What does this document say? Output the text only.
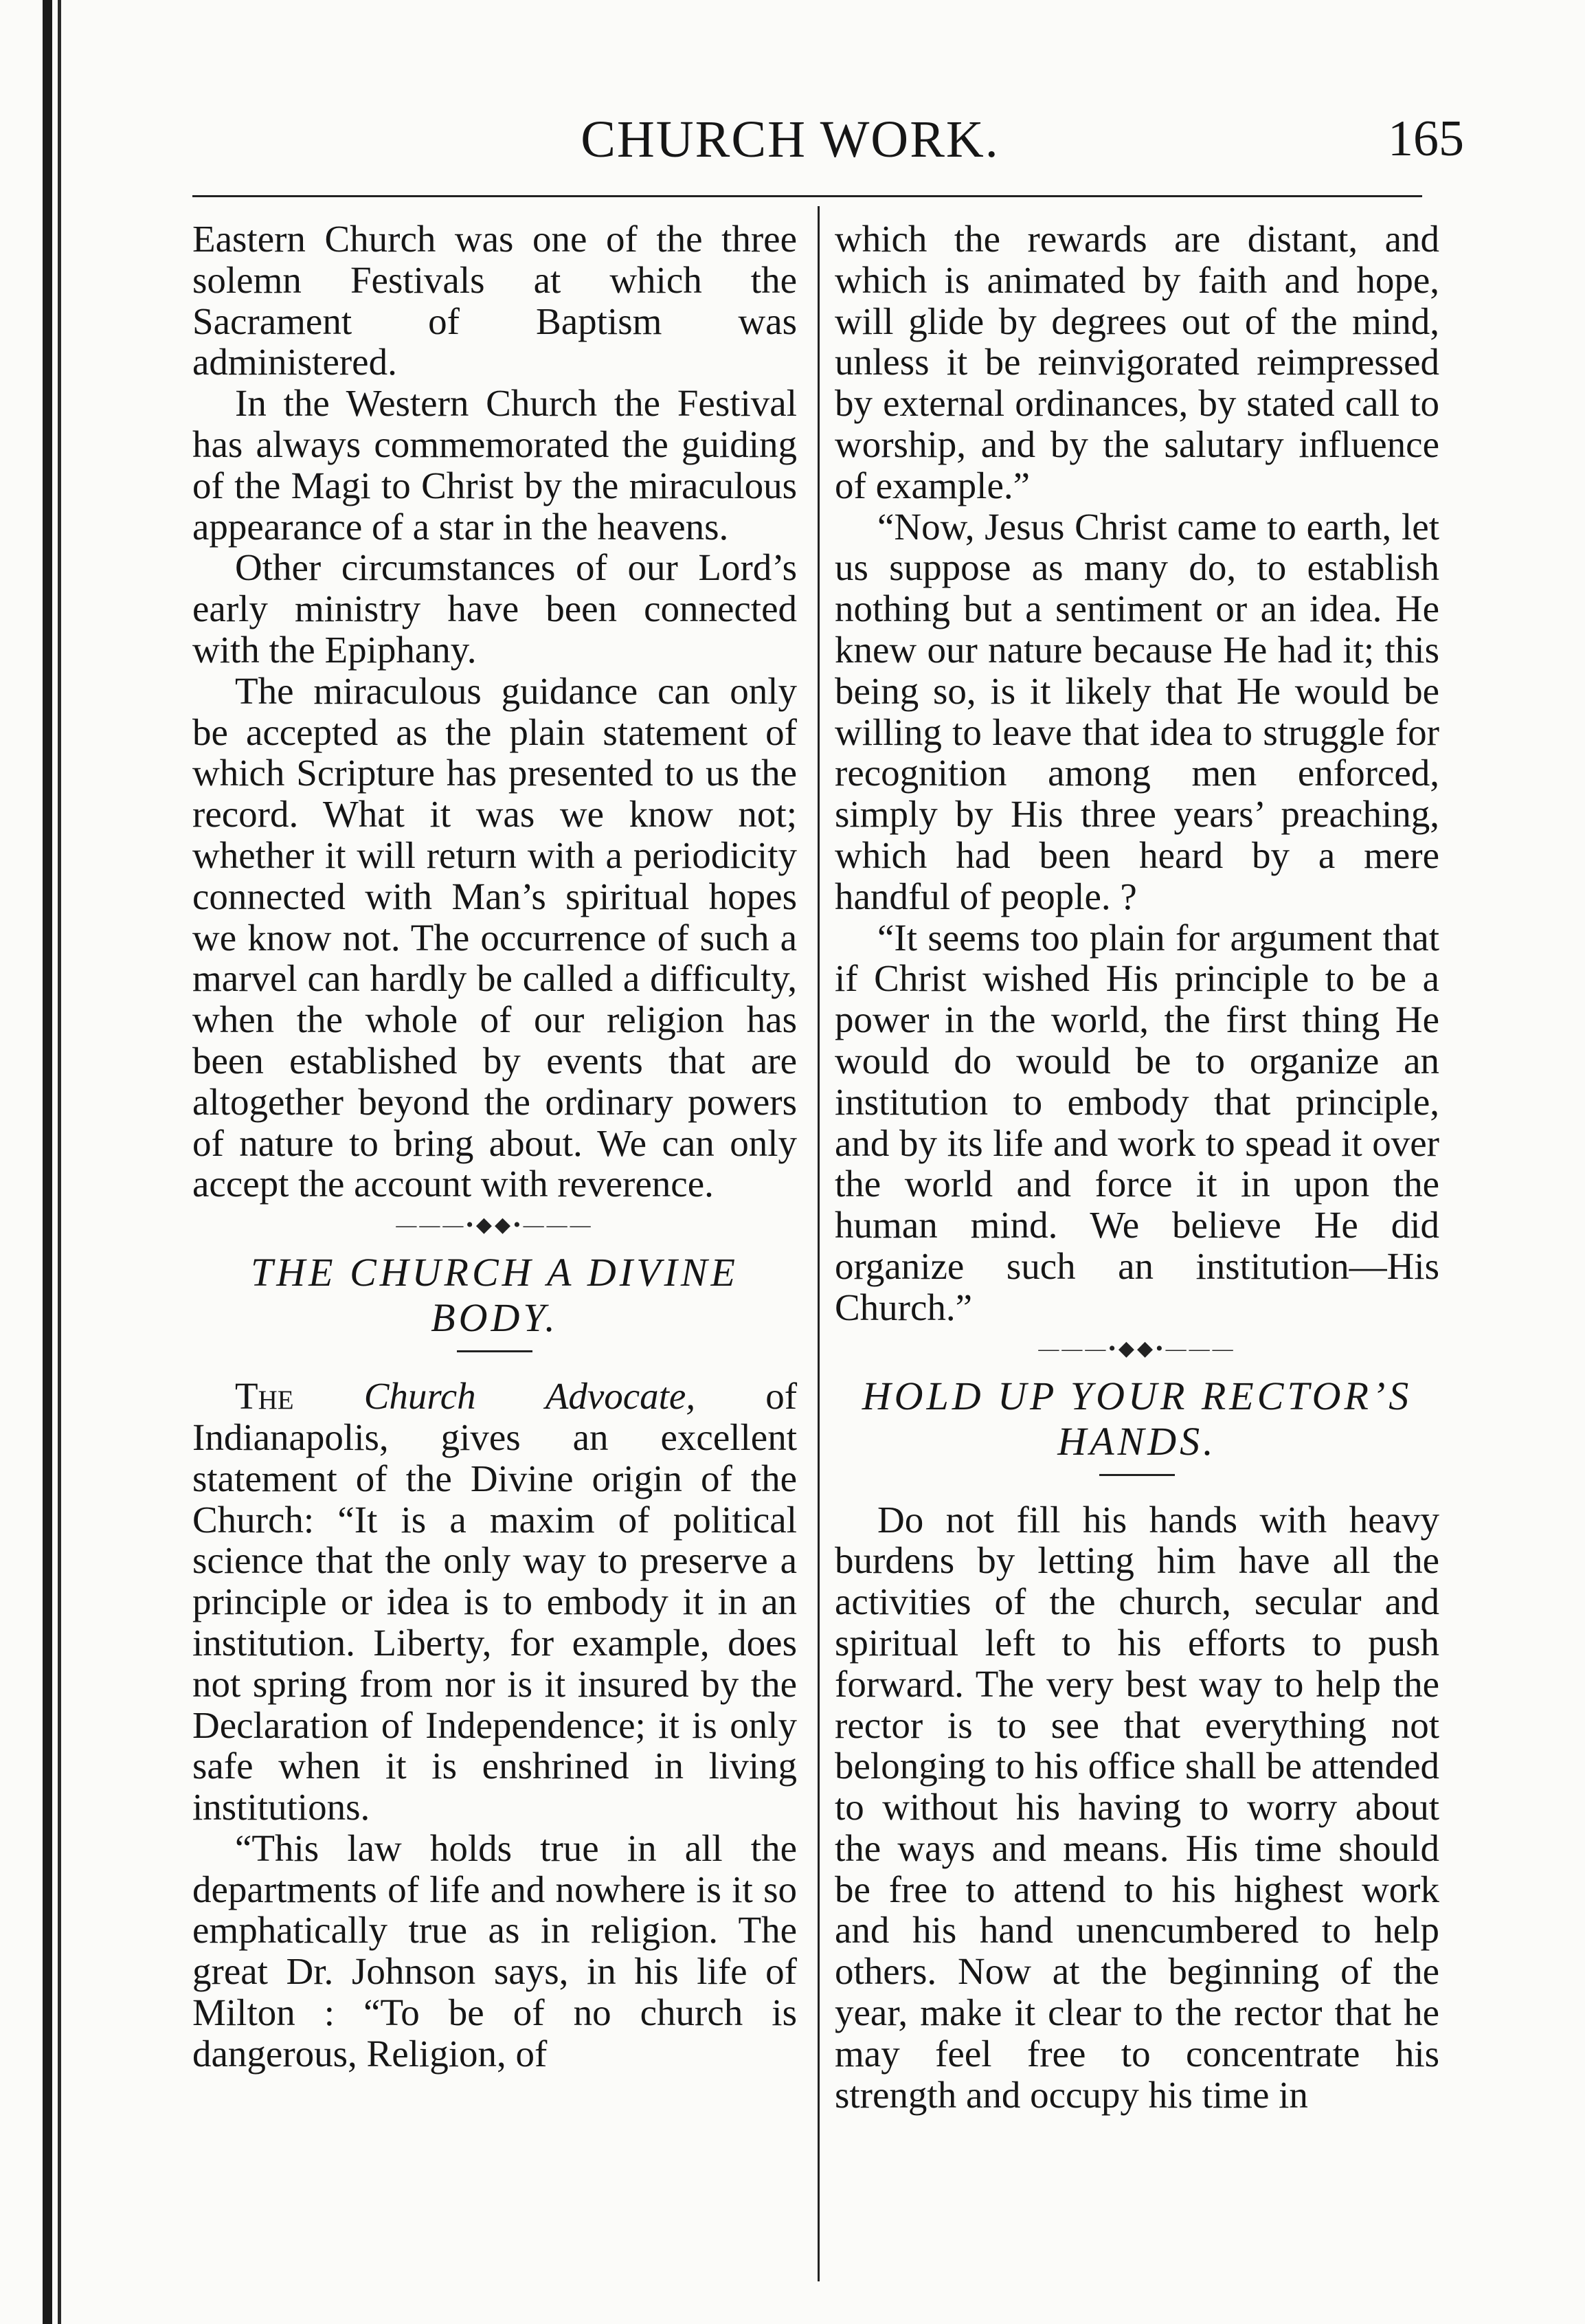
CHURCH WORK.	165

Eastern Church was one of the three solemn Festivals at which the Sacrament of Baptism was administered.

In the Western Church the Festival has always commemorated the guiding of the Magi to Christ by the miraculous appearance of a star in the heavens.

Other circumstances of our Lord’s early ministry have been connected with the Epiphany.

The miraculous guidance can only be accepted as the plain statement of which Scripture has presented to us the record. What it was we know not; whether it will return with a periodicity connected with Man’s spiritual hopes we know not. The occurrence of such a marvel can hardly be called a difficulty, when the whole of our religion has been established by events that are altogether beyond the ordinary powers of nature to bring about. We can only accept the account with reverence.

———•◆◆•———
THE CHURCH A DIVINE BODY.

The Church Advocate, of Indianapolis, gives an excellent statement of the Divine origin of the Church: “It is a maxim of political science that the only way to preserve a principle or idea is to embody it in an institution. Liberty, for example, does not spring from nor is it insured by the Declaration of Independence; it is only safe when it is enshrined in living institutions.

“This law holds true in all the departments of life and nowhere is it so emphatically true as in religion. The great Dr. Johnson says, in his life of Milton : “To be of no church is dangerous, Religion, of

which the rewards are distant, and which is animated by faith and hope, will glide by degrees out of the mind, unless it be reinvigorated reimpressed by external ordinances, by stated call to worship, and by the salutary influence of example.”

“Now, Jesus Christ came to earth, let us suppose as many do, to establish nothing but a sentiment or an idea. He knew our nature because He had it; this being so, is it likely that He would be willing to leave that idea to struggle for recognition among men enforced, simply by His three years’ preaching, which had been heard by a mere handful of people. ?

“It seems too plain for argument that if Christ wished His principle to be a power in the world, the first thing He would do would be to organize an institution to embody that principle, and by its life and work to spead it over the world and force it in upon the human mind. We believe He did organize such an institution—His Church.”

———•◆◆•———
HOLD UP YOUR RECTOR’S HANDS.

Do not fill his hands with heavy burdens by letting him have all the activities of the church, secular and spiritual left to his efforts to push forward. The very best way to help the rector is to see that everything not belonging to his office shall be attended to without his having to worry about the ways and means. His time should be free to attend to his highest work and his hand unencumbered to help others. Now at the beginning of the year, make it clear to the rector that he may feel free to concentrate his strength and occupy his time in
